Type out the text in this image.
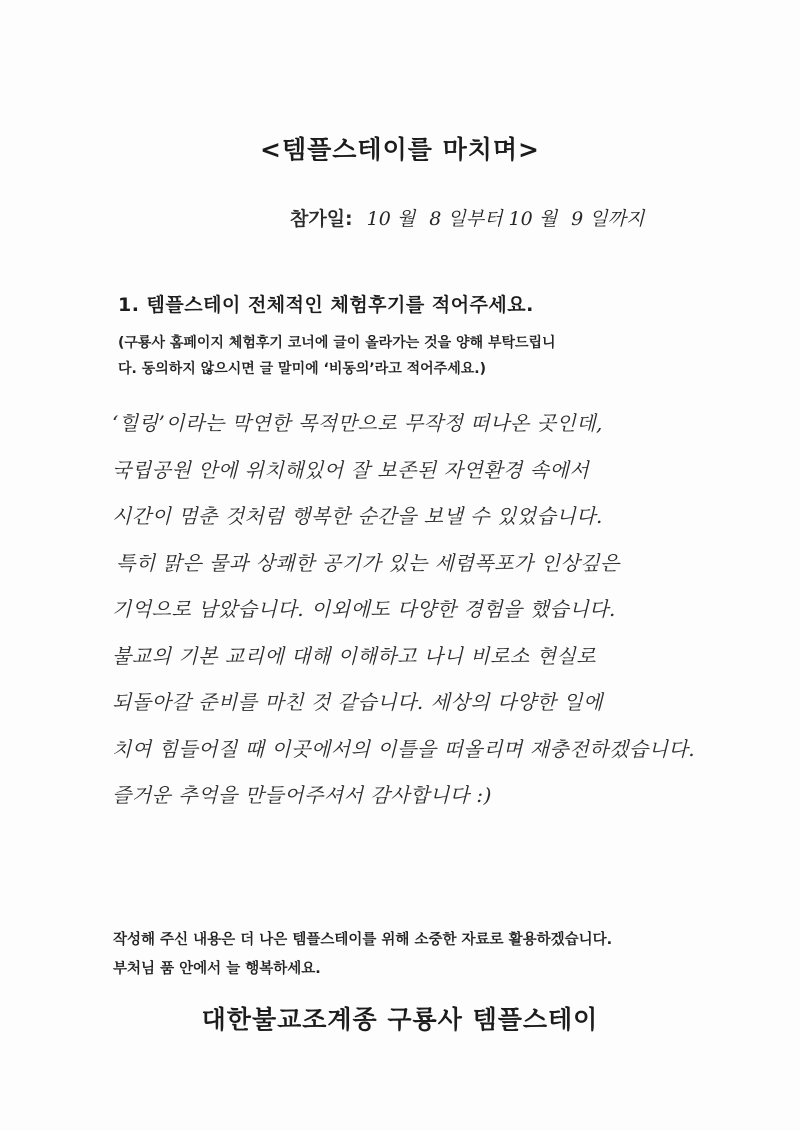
<템플스테이를 마치며>
참가일: 10
월 8
일부터
10
월 9
일까지
1. 템플스테이 전체적인 체험후기를 적어주세요.
(구룡사 홈페이지 체험후기 코너에 글이 올라가는 것을 양해 부탁드립니
다. 동의하지 않으시면 글 말미에 ‘비동의’라고 적어주세요.)
‘힐링’이라는 막연한 목적만으로 무작정 떠나온 곳인데,
국립공원 안에 위치해있어 잘 보존된 자연환경 속에서
시간이 멈춘 것처럼 행복한 순간을 보낼 수 있었습니다.
특히 맑은 물과 상쾌한 공기가 있는 세렴폭포가 인상깊은
기억으로 남았습니다. 이외에도 다양한 경험을 했습니다.
불교의 기본 교리에 대해 이해하고 나니 비로소 현실로
되돌아갈 준비를 마친 것 같습니다. 세상의 다양한 일에
치여 힘들어질 때 이곳에서의 이틀을 떠올리며 재충전하겠습니다.
즐거운 추억을 만들어주셔서 감사합니다 :)
작성해 주신 내용은 더 나은 템플스테이를 위해 소중한 자료로 활용하겠습니다.
부처님 품 안에서 늘 행복하세요.
대한불교조계종 구룡사 템플스테이
